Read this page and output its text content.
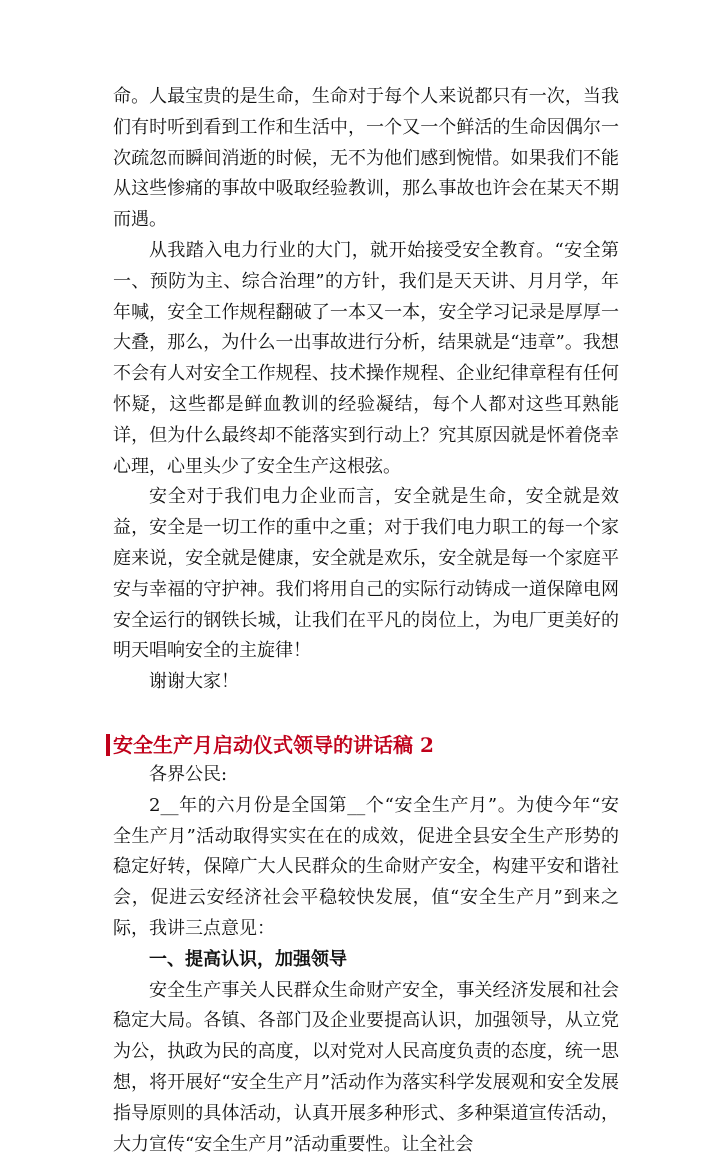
命。人最宝贵的是生命，生命对于每个人来说都只有一次，当我们有时听到看到工作和生活中，一个又一个鲜活的生命因偶尔一次疏忽而瞬间消逝的时候，无不为他们感到惋惜。如果我们不能从这些惨痛的事故中吸取经验教训，那么事故也许会在某天不期而遇。

从我踏入电力行业的大门，就开始接受安全教育。“安全第一、预防为主、综合治理”的方针，我们是天天讲、月月学，年年喊，安全工作规程翻破了一本又一本，安全学习记录是厚厚一大叠，那么，为什么一出事故进行分析，结果就是“违章”。我想不会有人对安全工作规程、技术操作规程、企业纪律章程有任何怀疑，这些都是鲜血教训的经验凝结，每个人都对这些耳熟能详，但为什么最终却不能落实到行动上？究其原因就是怀着侥幸心理，心里头少了安全生产这根弦。

安全对于我们电力企业而言，安全就是生命，安全就是效益，安全是一切工作的重中之重；对于我们电力职工的每一个家庭来说，安全就是健康，安全就是欢乐，安全就是每一个家庭平安与幸福的守护神。我们将用自己的实际行动铸成一道保障电网安全运行的钢铁长城，让我们在平凡的岗位上，为电厂更美好的明天唱响安全的主旋律！

谢谢大家！

安全生产月启动仪式领导的讲话稿 2

各界公民:

2__年的六月份是全国第__个“安全生产月”。为使今年“安全生产月”活动取得实实在在的成效，促进全县安全生产形势的稳定好转，保障广大人民群众的生命财产安全，构建平安和谐社会，促进云安经济社会平稳较快发展，值“安全生产月”到来之际，我讲三点意见：

一、提高认识，加强领导

安全生产事关人民群众生命财产安全，事关经济发展和社会稳定大局。各镇、各部门及企业要提高认识，加强领导，从立党为公，执政为民的高度，以对党对人民高度负责的态度，统一思想，将开展好“安全生产月”活动作为落实科学发展观和安全发展指导原则的具体活动，认真开展多种形式、多种渠道宣传活动，大力宣传“安全生产月”活动重要性。让全社会
